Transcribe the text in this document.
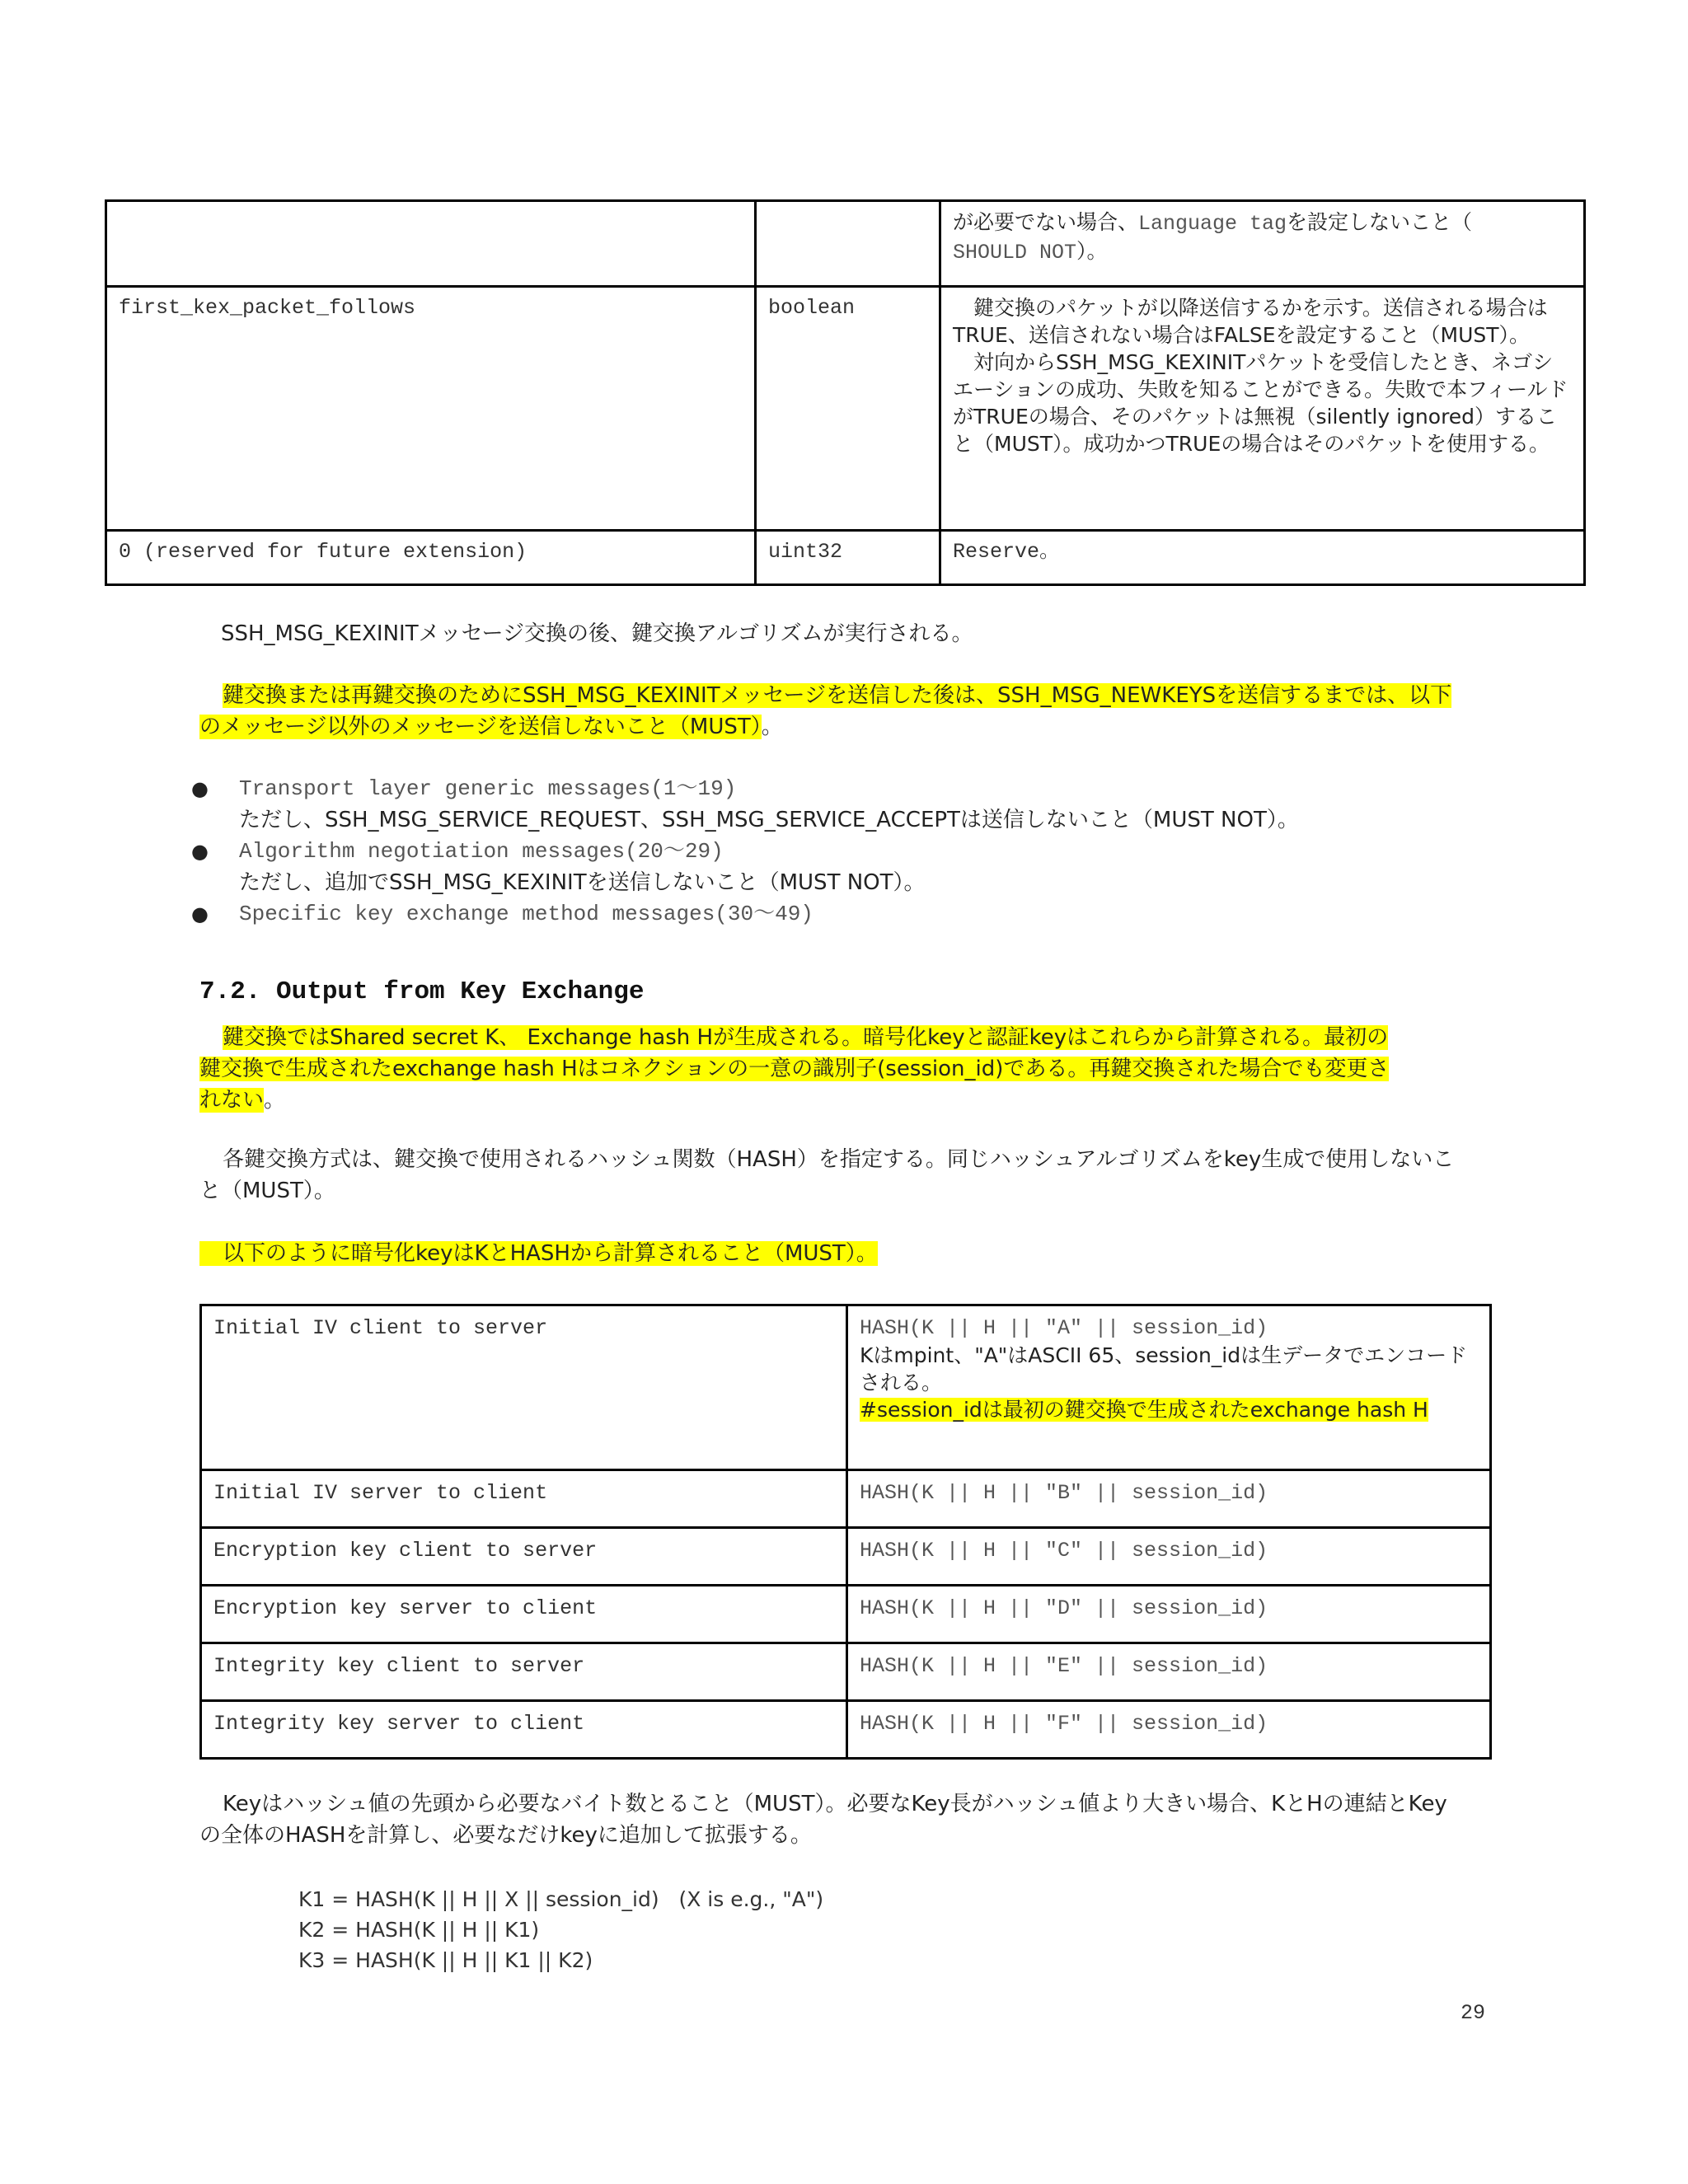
		が必要でない場合、Language tagを設定しないこと（
SHOULD NOT）。
first_kex_packet_follows	boolean	　鍵交換のパケットが以降送信するかを示す。送信される場合はTRUE、送信されない場合はFALSEを設定すること（MUST）。
　対向からSSH_MSG_KEXINITパケットを受信したとき、ネゴシエーションの成功、失敗を知ることができる。失敗で本フィールドがTRUEの場合、そのパケットは無視（silently ignored）すること（MUST）。成功かつTRUEの場合はそのパケットを使用する。

0 (reserved for future extension)	uint32	Reserve。
SSH_MSG_KEXINITメッセージ交換の後、鍵交換アルゴリズムが実行される。
鍵交換または再鍵交換のためにSSH_MSG_KEXINITメッセージを送信した後は、SSH_MSG_NEWKEYSを送信するまでは、以下
のメッセージ以外のメッセージを送信しないこと（MUST）。
● Transport layer generic messages(1〜19)
ただし、SSH_MSG_SERVICE_REQUEST、SSH_MSG_SERVICE_ACCEPTは送信しないこと（MUST NOT）。
● Algorithm negotiation messages(20〜29)
ただし、追加でSSH_MSG_KEXINITを送信しないこと（MUST NOT）。
● Specific key exchange method messages(30〜49)
7.2. Output from Key Exchange
鍵交換ではShared secret K、 Exchange hash Hが生成される。暗号化keyと認証keyはこれらから計算される。最初の
鍵交換で生成されたexchange hash Hはコネクションの一意の識別子(session_id)である。再鍵交換された場合でも変更さ
れない。
各鍵交換方式は、鍵交換で使用されるハッシュ関数（HASH）を指定する。同じハッシュアルゴリズムをkey生成で使用しないこ
と（MUST）。
以下のように暗号化keyはKとHASHから計算されること（MUST）。
Initial IV client to server	HASH(K || H || "A" || session_id)
Kはmpint、"A"はASCII 65、session_idは生データでエンコードされる。
#session_idは最初の鍵交換で生成されたexchange hash H

Initial IV server to client	HASH(K || H || "B" || session_id)
Encryption key client to server	HASH(K || H || "C" || session_id)
Encryption key server to client	HASH(K || H || "D" || session_id)
Integrity key client to server	HASH(K || H || "E" || session_id)
Integrity key server to client	HASH(K || H || "F" || session_id)
Keyはハッシュ値の先頭から必要なバイト数とること（MUST）。必要なKey長がハッシュ値より大きい場合、KとHの連結とKey
の全体のHASHを計算し、必要なだけkeyに追加して拡張する。
K1 = HASH(K || H || X || session_id)   (X is e.g., "A")
K2 = HASH(K || H || K1)
K3 = HASH(K || H || K1 || K2)
29
